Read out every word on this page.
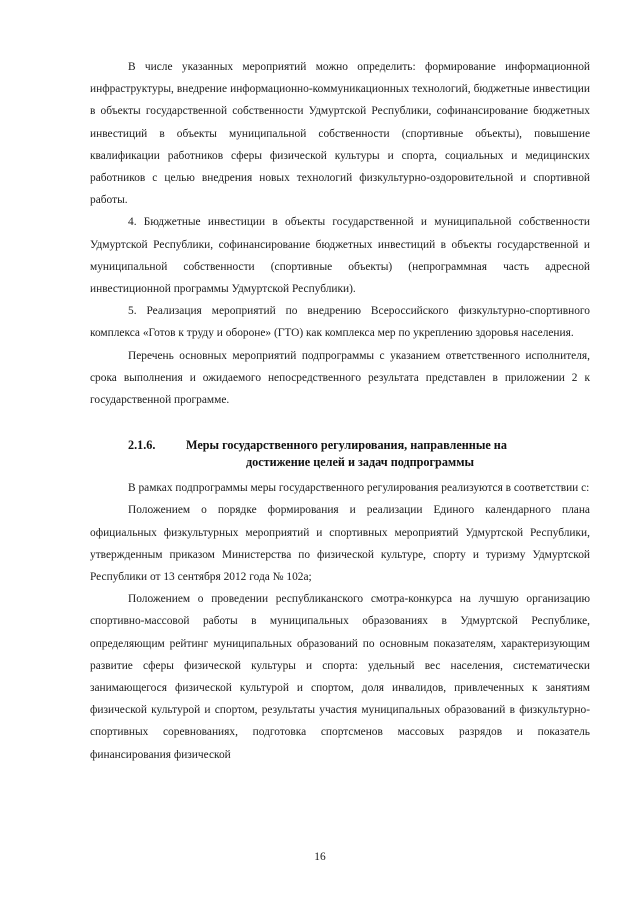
В числе указанных мероприятий можно определить: формирование информационной инфраструктуры, внедрение информационно-коммуникационных технологий, бюджетные инвестиции в объекты государственной собственности Удмуртской Республики, софинансирование бюджетных инвестиций в объекты муниципальной собственности (спортивные объекты), повышение квалификации работников сферы физической культуры и спорта, социальных и медицинских работников с целью внедрения новых технологий физкультурно-оздоровительной и спортивной работы.

4. Бюджетные инвестиции в объекты государственной и муниципальной собственности Удмуртской Республики, софинансирование бюджетных инвестиций в объекты государственной и муниципальной собственности (спортивные объекты) (непрограммная часть адресной инвестиционной программы Удмуртской Республики).

5. Реализация мероприятий по внедрению Всероссийского физкультурно-спортивного комплекса «Готов к труду и обороне» (ГТО) как комплекса мер по укреплению здоровья населения.

Перечень основных мероприятий подпрограммы с указанием ответственного исполнителя, срока выполнения и ожидаемого непосредственного результата представлен в приложении 2 к государственной программе.

2.1.6.	Меры государственного регулирования, направленные на
достижение целей и задач подпрограммы

В рамках подпрограммы меры государственного регулирования реализуются в соответствии с:

Положением о порядке формирования и реализации Единого календарного плана официальных физкультурных мероприятий и спортивных мероприятий Удмуртской Республики, утвержденным приказом Министерства по физической культуре, спорту и туризму Удмуртской Республики от 13 сентября 2012 года № 102а;

Положением о проведении республиканского смотра-конкурса на лучшую организацию спортивно-массовой работы в муниципальных образованиях в Удмуртской Республике, определяющим рейтинг муниципальных образований по основным показателям, характеризующим развитие сферы физической культуры и спорта: удельный вес населения, систематически занимающегося физической культурой и спортом, доля инвалидов, привлеченных к занятиям физической культурой и спортом, результаты участия муниципальных образований в физкультурно-спортивных соревнованиях, подготовка спортсменов массовых разрядов и показатель финансирования физической

16
